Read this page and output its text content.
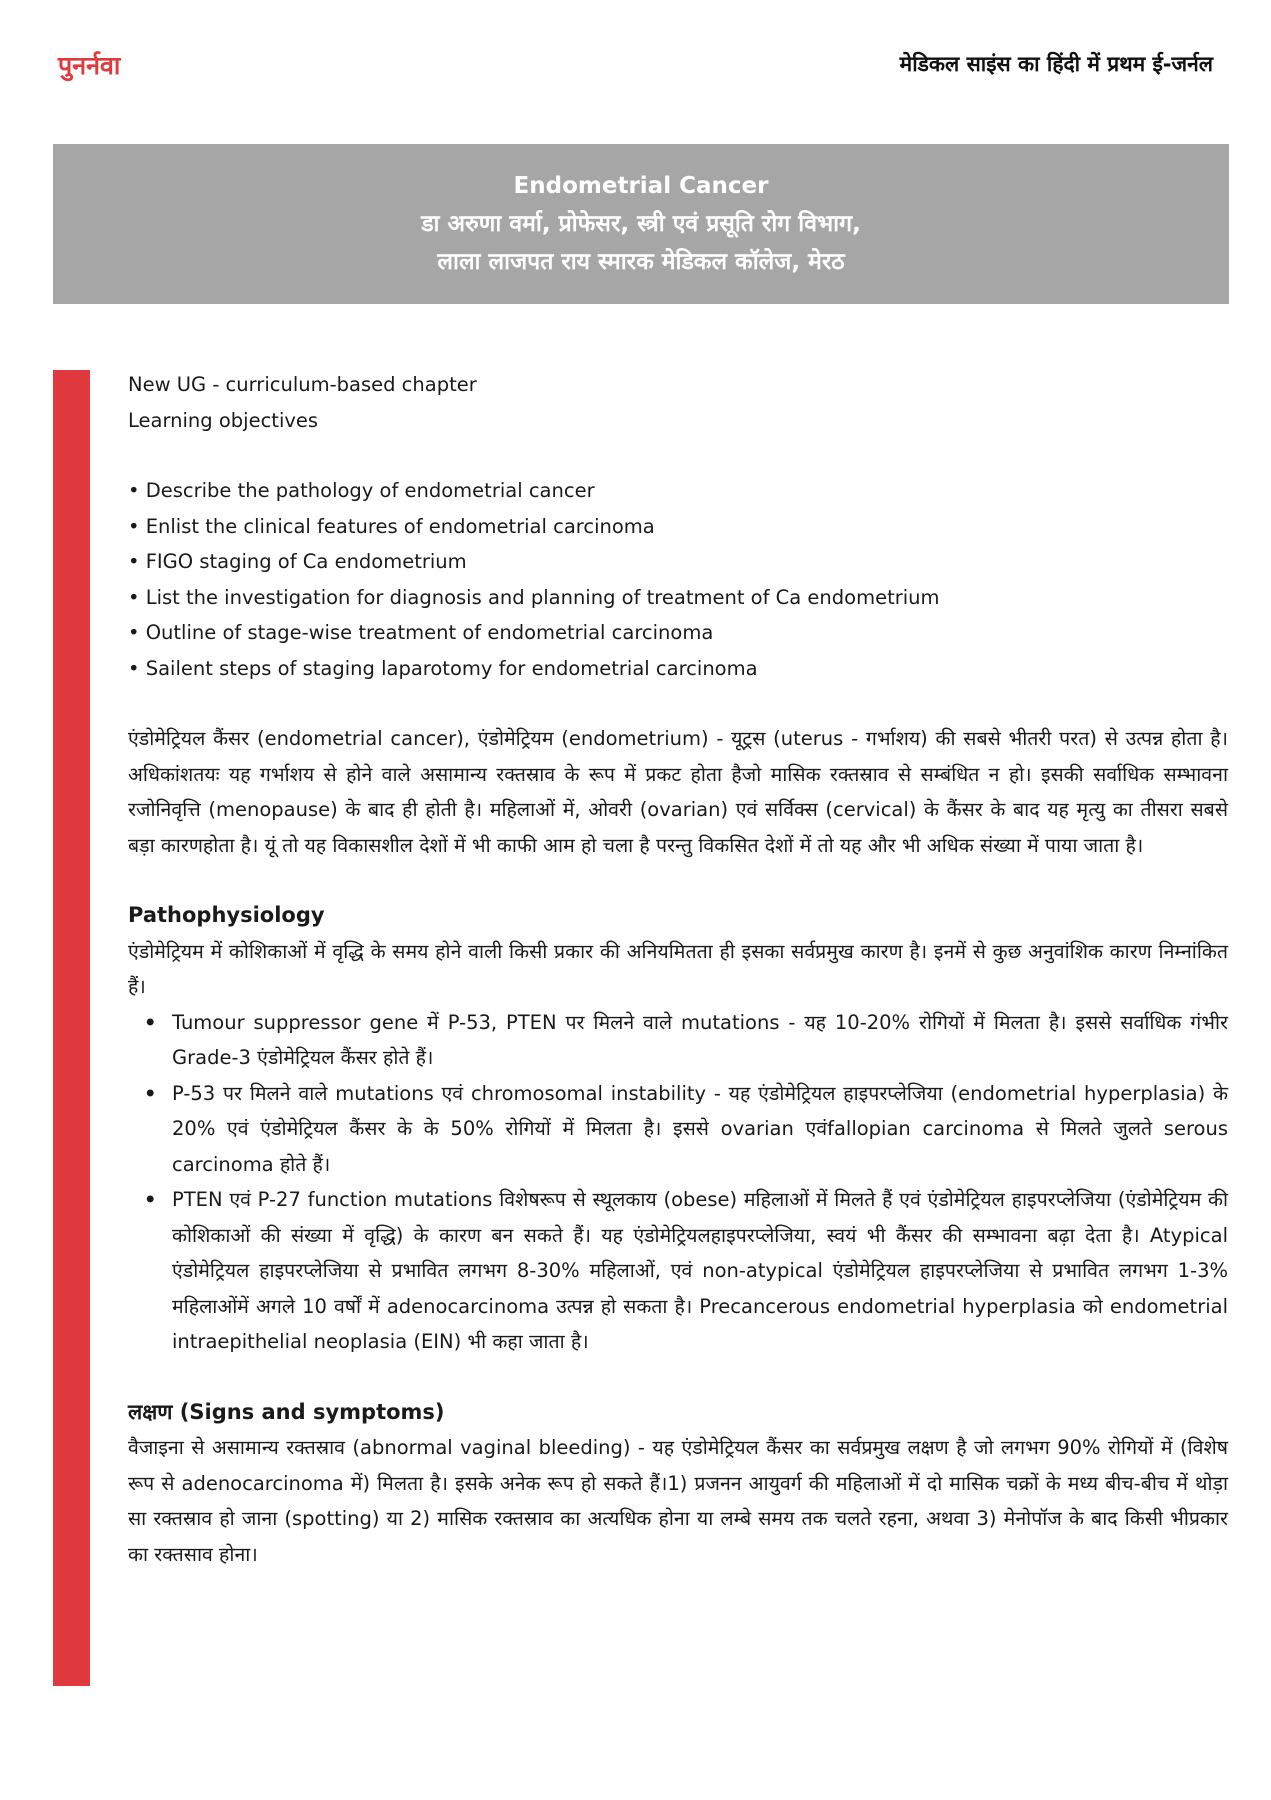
पुनर्नवा	मेडिकल साइंस का हिंदी में प्रथम ई-जर्नल

Endometrial Cancer
डा अरुणा वर्मा, प्रोफेसर, स्त्री एवं प्रसूति रोग विभाग,
लाला लाजपत राय स्मारक मेडिकल कॉलेज, मेरठ

New UG - curriculum-based chapter

Learning objectives

• Describe the pathology of endometrial cancer

• Enlist the clinical features of endometrial carcinoma

• FIGO staging of Ca endometrium

• List the investigation for diagnosis and planning of treatment of Ca endometrium

• Outline of stage-wise treatment of endometrial carcinoma

• Sailent steps of staging laparotomy for endometrial carcinoma

एंडोमेट्रियल कैंसर (endometrial cancer), एंडोमेट्रियम (endometrium) - यूट्रस (uterus - गर्भाशय) की सबसे भीतरी परत) से उत्पन्न होता है। अधिकांशतयः यह गर्भाशय से होने वाले असामान्य रक्तस्राव के रूप में प्रकट होता हैजो मासिक रक्तस्राव से सम्बंधित न हो। इसकी सर्वाधिक सम्भावना रजोनिवृत्ति (menopause) के बाद ही होती है। महिलाओं में, ओवरी (ovarian) एवं सर्विक्स (cervical) के कैंसर के बाद यह मृत्यु का तीसरा सबसे बड़ा कारणहोता है। यूं तो यह विकासशील देशों में भी काफी आम हो चला है परन्तु विकसित देशों में तो यह और भी अधिक संख्या में पाया जाता है।

Pathophysiology

एंडोमेट्रियम में कोशिकाओं में वृद्धि के समय होने वाली किसी प्रकार की अनियमितता ही इसका सर्वप्रमुख कारण है। इनमें से कुछ अनुवांशिक कारण निम्नांकित हैं।

• Tumour suppressor gene में P-53, PTEN पर मिलने वाले mutations - यह 10-20% रोगियों में मिलता है। इससे सर्वाधिक गंभीर Grade-3 एंडोमेट्रियल कैंसर होते हैं।
• P-53 पर मिलने वाले mutations एवं chromosomal instability - यह एंडोमेट्रियल हाइपरप्लेजिया (endometrial hyperplasia) के 20% एवं एंडोमेट्रियल कैंसर के के 50% रोगियों में मिलता है। इससे ovarian एवंfallopian carcinoma से मिलते जुलते serous carcinoma होते हैं।
• PTEN एवं P-27 function mutations विशेषरूप से स्थूलकाय (obese) महिलाओं में मिलते हैं एवं एंडोमेट्रियल हाइपरप्लेजिया (एंडोमेट्रियम की कोशिकाओं की संख्या में वृद्धि) के कारण बन सकते हैं। यह एंडोमेट्रियलहाइपरप्लेजिया, स्वयं भी कैंसर की सम्भावना बढ़ा देता है। Atypical एंडोमेट्रियल हाइपरप्लेजिया से प्रभावित लगभग 8-30% महिलाओं, एवं non-atypical एंडोमेट्रियल हाइपरप्लेजिया से प्रभावित लगभग 1-3% महिलाओंमें अगले 10 वर्षों में adenocarcinoma उत्पन्न हो सकता है। Precancerous endometrial hyperplasia को endometrial intraepithelial neoplasia (EIN) भी कहा जाता है।
लक्षण (Signs and symptoms)

वैजाइना से असामान्य रक्तस्राव (abnormal vaginal bleeding) - यह एंडोमेट्रियल कैंसर का सर्वप्रमुख लक्षण है जो लगभग 90% रोगियों में (विशेष रूप से adenocarcinoma में) मिलता है। इसके अनेक रूप हो सकते हैं।1) प्रजनन आयुवर्ग की महिलाओं में दो मासिक चक्रों के मध्य बीच-बीच में थोड़ा सा रक्तस्राव हो जाना (spotting) या 2) मासिक रक्तस्राव का अत्यधिक होना या लम्बे समय तक चलते रहना, अथवा 3) मेनोपॉज के बाद किसी भीप्रकार का रक्तसाव होना।
